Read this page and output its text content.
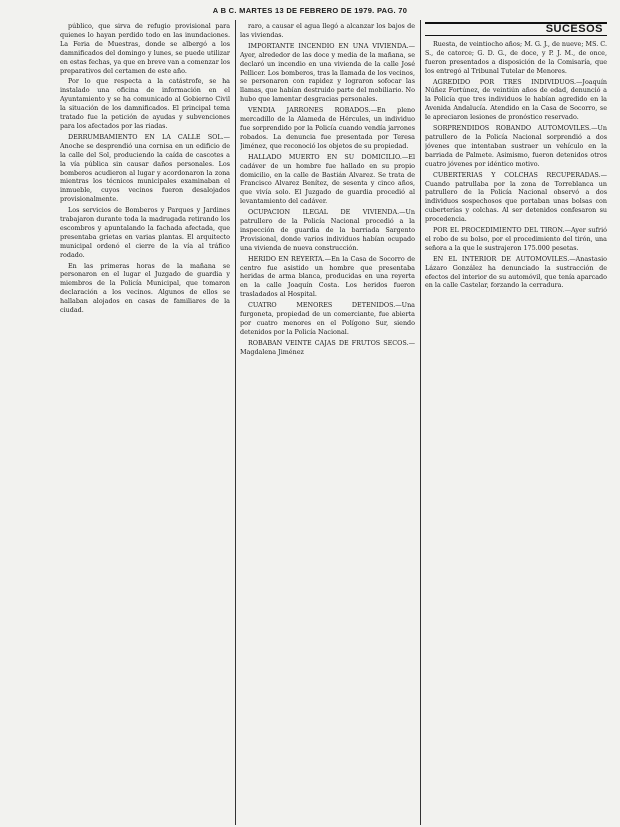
A B C. MARTES 13 DE FEBRERO DE 1979. PAG. 70

público, que sirva de refugio provisional para quienes lo hayan perdido todo en las inundaciones. La Feria de Muestras, donde se albergó a los damnificados del domingo y lunes, se puede utilizar en estas fechas, ya que en breve van a comenzar los preparativos del certamen de este año.

Por lo que respecta a la catástrofe, se ha instalado una oficina de información en el Ayuntamiento y se ha comunicado al Gobierno Civil la situación de los damnificados. El principal tema tratado fue la petición de ayudas y subvenciones para los afectados por las riadas.

DERRUMBAMIENTO EN LA CALLE SOL.—Anoche se desprendió una cornisa en un edificio de la calle del Sol, produciendo la caída de cascotes a la vía pública sin causar daños personales. Los bomberos acudieron al lugar y acordonaron la zona mientras los técnicos municipales examinaban el inmueble, cuyos vecinos fueron desalojados provisionalmente.

Los servicios de Bomberos y Parques y Jardines trabajaron durante toda la madrugada retirando los escombros y apuntalando la fachada afectada, que presentaba grietas en varias plantas. El arquitecto municipal ordenó el cierre de la vía al tráfico rodado.

En las primeras horas de la mañana se personaron en el lugar el Juzgado de guardia y miembros de la Policía Municipal, que tomaron declaración a los vecinos. Algunos de ellos se hallaban alojados en casas de familiares de la ciudad.

raro, a causar el agua llegó a alcanzar los bajos de las viviendas.

IMPORTANTE INCENDIO EN UNA VIVIENDA.—Ayer, alrededor de las doce y media de la mañana, se declaró un incendio en una vivienda de la calle José Pellicer. Los bomberos, tras la llamada de los vecinos, se personaron con rapidez y lograron sofocar las llamas, que habían destruido parte del mobiliario. No hubo que lamentar desgracias personales.

VENDIA JARRONES ROBADOS.—En pleno mercadillo de la Alameda de Hércules, un individuo fue sorprendido por la Policía cuando vendía jarrones robados. La denuncia fue presentada por Teresa Jiménez, que reconoció los objetos de su propiedad.

HALLADO MUERTO EN SU DOMICILIO.—El cadáver de un hombre fue hallado en su propio domicilio, en la calle de Bastián Alvarez. Se trata de Francisco Alvarez Benítez, de sesenta y cinco años, que vivía solo. El Juzgado de guardia procedió al levantamiento del cadáver.

OCUPACION ILEGAL DE VIVIENDA.—Un patrullero de la Policía Nacional procedió a la inspección de guardia de la barriada Sargento Provisional, donde varios individuos habían ocupado una vivienda de nueva construcción.

HERIDO EN REYERTA.—En la Casa de Socorro de centro fue asistido un hombre que presentaba heridas de arma blanca, producidas en una reyerta en la calle Joaquín Costa. Los heridos fueron trasladados al Hospital.

CUATRO MENORES DETENIDOS.—Una furgoneta, propiedad de un comerciante, fue abierta por cuatro menores en el Polígono Sur, siendo detenidos por la Policía Nacional.

ROBABAN VEINTE CAJAS DE FRUTOS SECOS.—Magdalena Jiménez

SUCESOS

Ruesta, de veintiocho años; M. G. J., de nueve; MS. C. S., de catorce; G. D. G., de doce, y P. J. M., de once, fueron presentados a disposición de la Comisaría, que los entregó al Tribunal Tutelar de Menores.

AGREDIDO POR TRES INDIVIDUOS.—Joaquín Núñez Fortúnez, de veintiún años de edad, denunció a la Policía que tres individuos le habían agredido en la Avenida Andalucía. Atendido en la Casa de Socorro, se le apreciaron lesiones de pronóstico reservado.

SORPRENDIDOS ROBANDO AUTOMOVILES.—Un patrullero de la Policía Nacional sorprendió a dos jóvenes que intentaban sustraer un vehículo en la barriada de Palmete. Asimismo, fueron detenidos otros cuatro jóvenes por idéntico motivo.

CUBERTERIAS Y COLCHAS RECUPERADAS.—Cuando patrullaba por la zona de Torreblanca un patrullero de la Policía Nacional observó a dos individuos sospechosos que portaban unas bolsas con cuberterías y colchas. Al ser detenidos confesaron su procedencia.

POR EL PROCEDIMIENTO DEL TIRON.—Ayer sufrió el robo de su bolso, por el procedimiento del tirón, una señora a la que le sustrajeron 175.000 pesetas.

EN EL INTERIOR DE AUTOMOVILES.—Anastasio Lázaro González ha denunciado la sustracción de efectos del interior de su automóvil, que tenía aparcado en la calle Castelar, forzando la cerradura.
